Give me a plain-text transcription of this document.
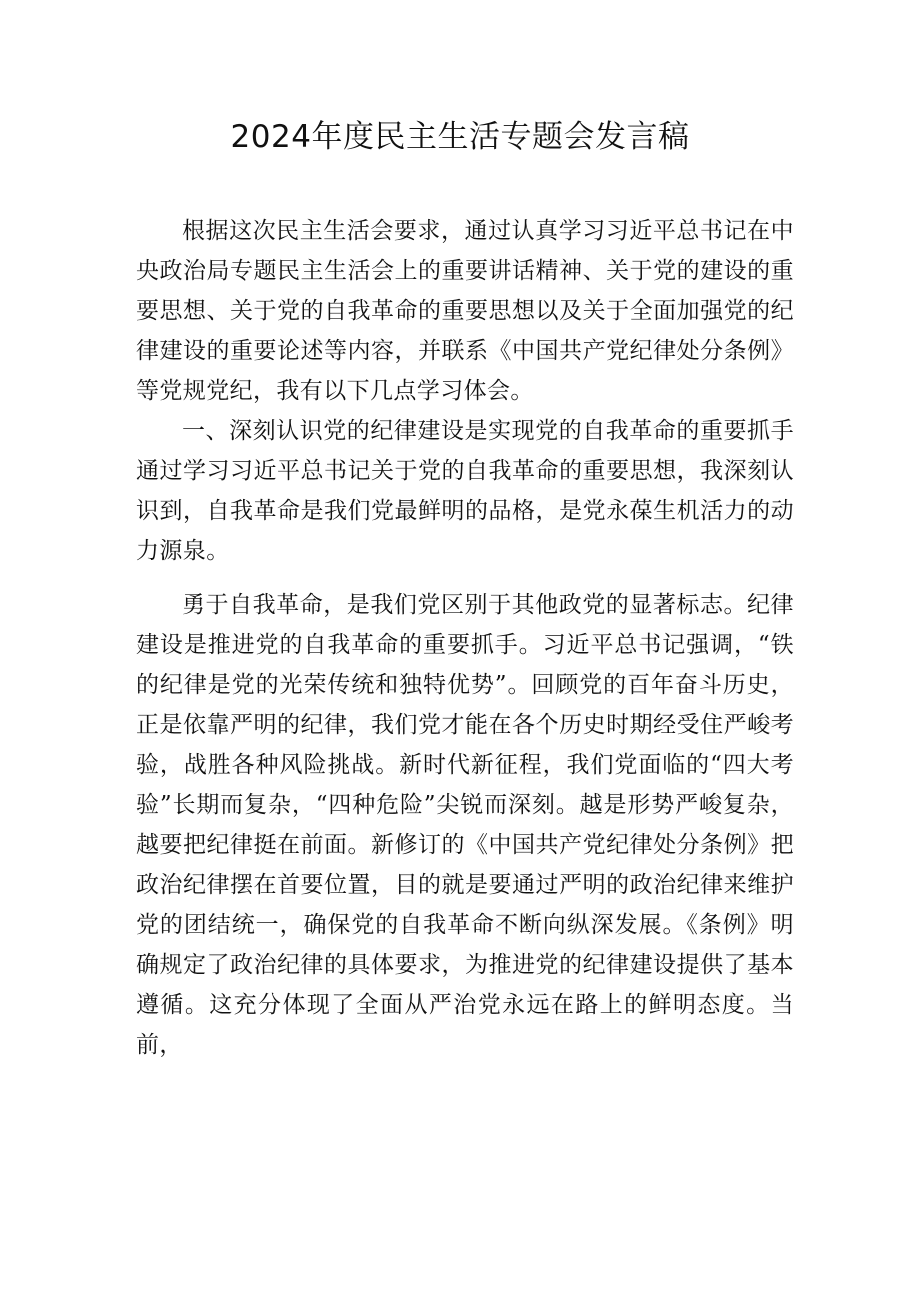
2024年度民主生活专题会发言稿

根据这次民主生活会要求，通过认真学习习近平总书记在中央政治局专题民主生活会上的重要讲话精神、关于党的建设的重要思想、关于党的自我革命的重要思想以及关于全面加强党的纪律建设的重要论述等内容，并联系《中国共产党纪律处分条例》等党规党纪，我有以下几点学习体会。

一、深刻认识党的纪律建设是实现党的自我革命的重要抓手通过学习习近平总书记关于党的自我革命的重要思想，我深刻认识到，自我革命是我们党最鲜明的品格，是党永葆生机活力的动力源泉。

勇于自我革命，是我们党区别于其他政党的显著标志。纪律建设是推进党的自我革命的重要抓手。习近平总书记强调，“铁的纪律是党的光荣传统和独特优势”。回顾党的百年奋斗历史，正是依靠严明的纪律，我们党才能在各个历史时期经受住严峻考验，战胜各种风险挑战。新时代新征程，我们党面临的“四大考验”长期而复杂，“四种危险”尖锐而深刻。越是形势严峻复杂，越要把纪律挺在前面。新修订的《中国共产党纪律处分条例》把政治纪律摆在首要位置，目的就是要通过严明的政治纪律来维护党的团结统一，确保党的自我革命不断向纵深发展。《条例》明确规定了政治纪律的具体要求，为推进党的纪律建设提供了基本遵循。这充分体现了全面从严治党永远在路上的鲜明态度。当前，
